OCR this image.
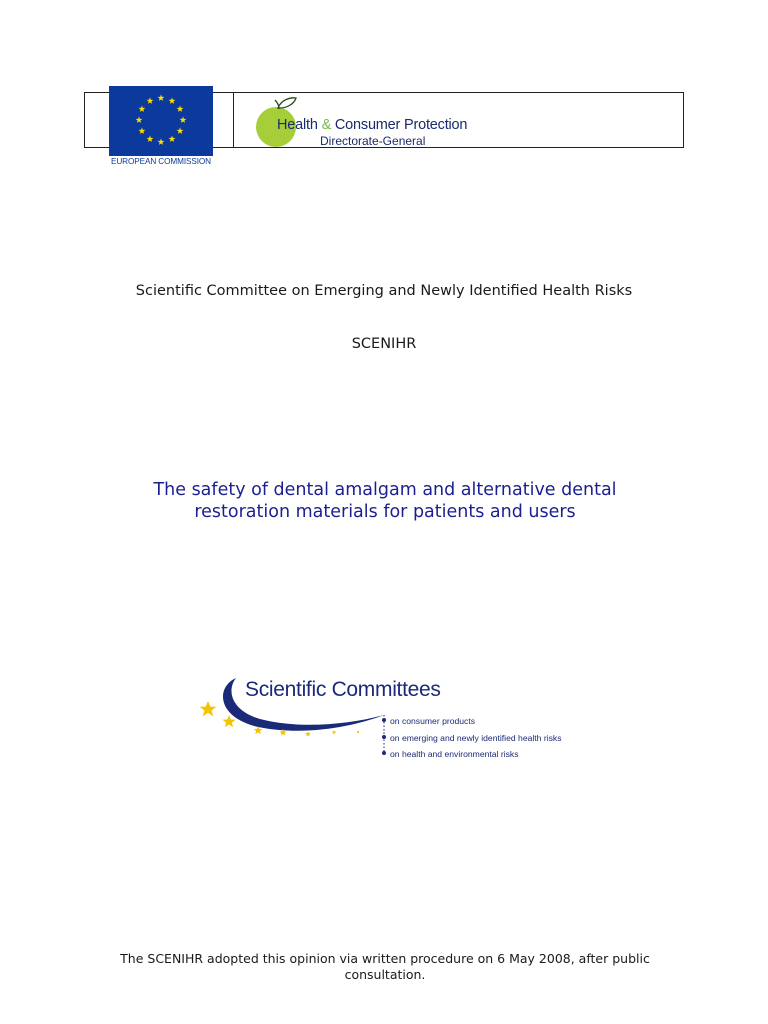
EUROPEAN COMMISSION
Health & Consumer Protection
Directorate-General
Scientific Committee on Emerging and Newly Identified Health Risks
SCENIHR
The safety of dental amalgam and alternative dental
restoration materials for patients and users
Scientific Committees
on consumer products
on emerging and newly identified health risks
on health and environmental risks
The SCENIHR adopted this opinion via written procedure on 6 May 2008, after public
consultation.
